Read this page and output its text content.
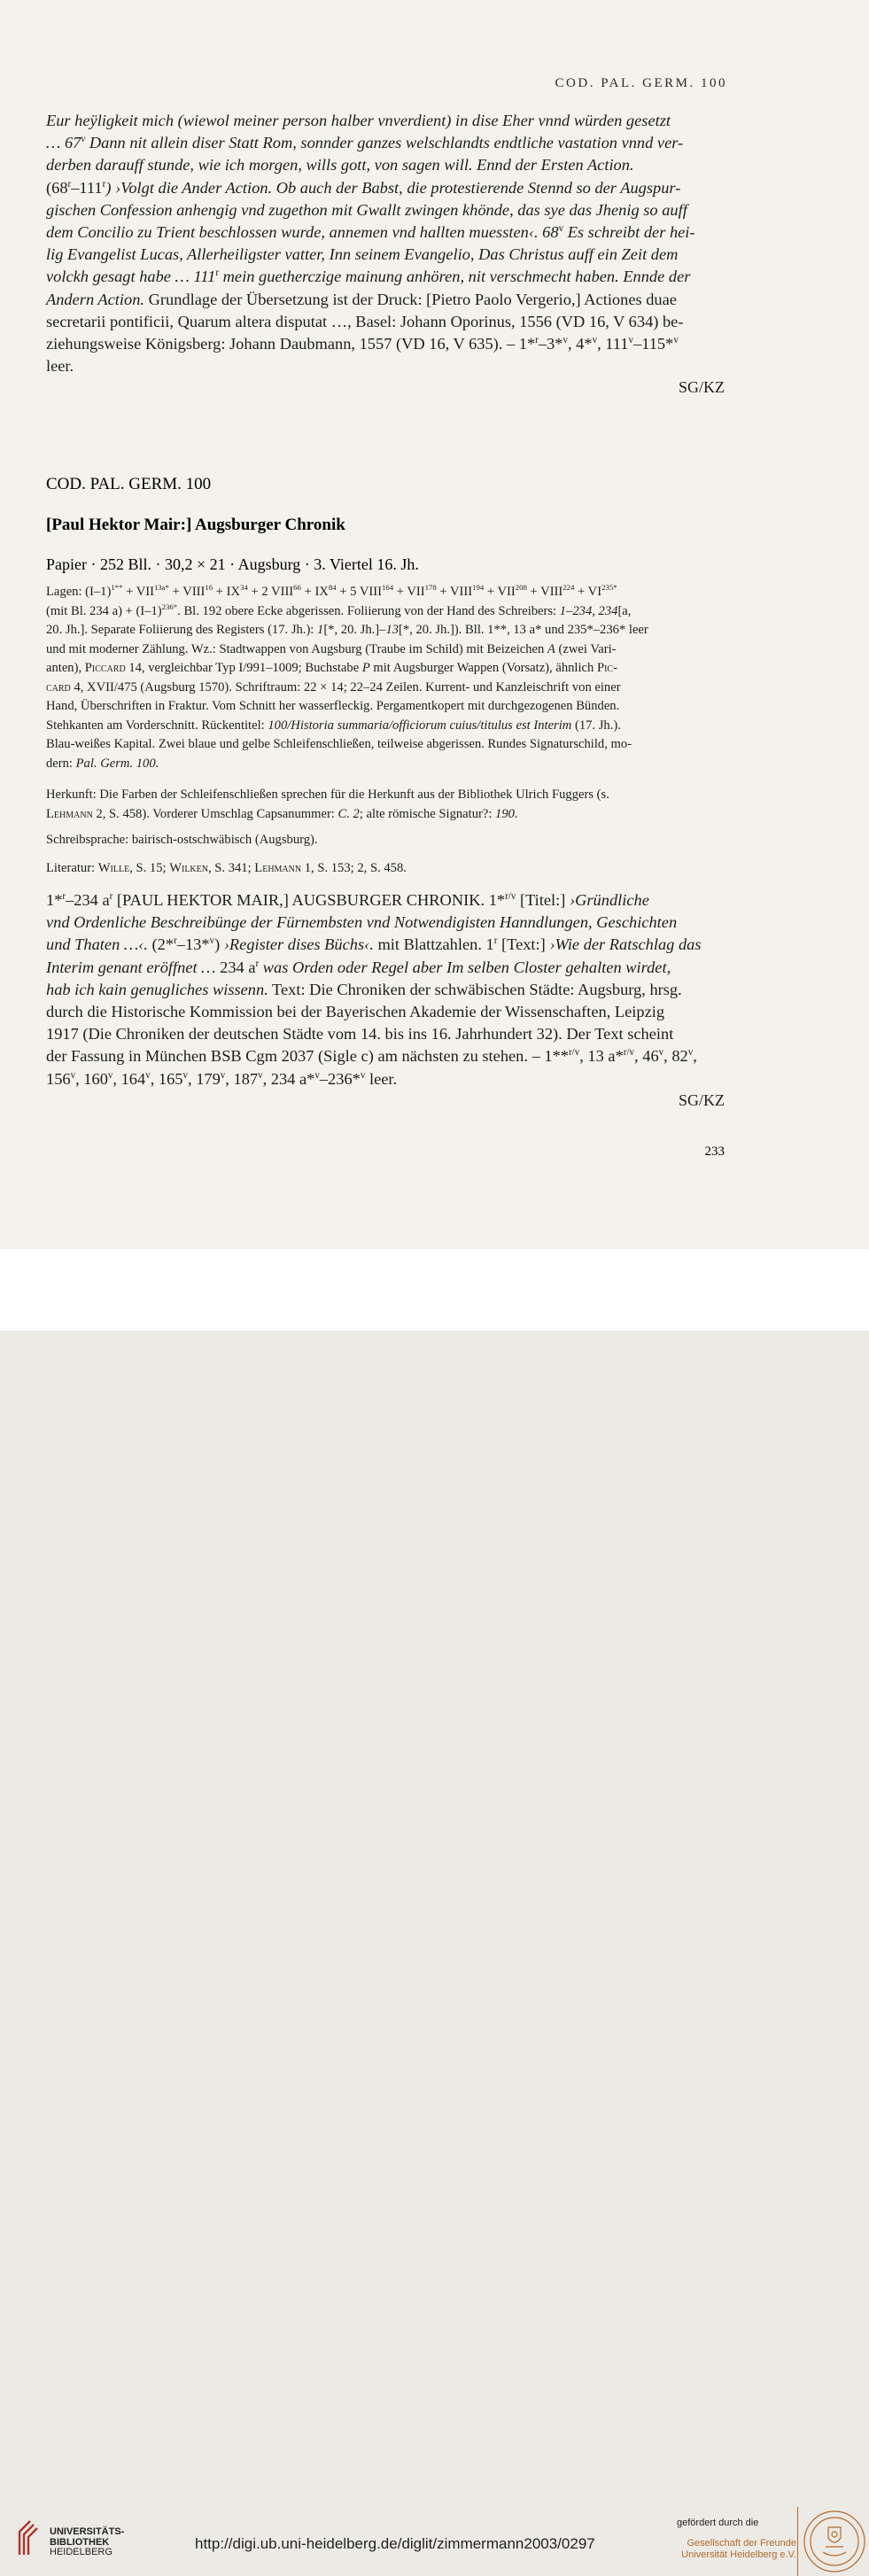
COD. PAL. GERM. 100
Eur heÿligkeit mich (wiewol meiner person halber vnverdient) in dise Eher vnnd würden gesetzt
… 67$^v$ Dann nit allein diser Statt Rom, sonnder ganzes welschlandts endtliche vastation vnnd ver-
derben darauff stunde, wie ich morgen, wills gott, von sagen will. Ennd der Ersten Action.
(68$^r$–111$^r$) ›Volgt die Ander Action. Ob auch der Babst, die protestierende Stennd so der Augspur-
gischen Confession anhengig vnd zugethon mit Gwallt zwingen khönde, das sye das Jhenig so auff
dem Concilio zu Trient beschlossen wurde, annemen vnd hallten muessten‹. 68$^v$ Es schreibt der hei-
lig Evangelist Lucas, Allerheiligster vatter, Inn seinem Evangelio, Das Christus auff ein Zeit dem
volckh gesagt habe … 111$^r$ mein guetherczige mainung anhören, nit verschmecht haben. Ennde der
Andern Action. Grundlage der Übersetzung ist der Druck: [Pietro Paolo Vergerio,] Actiones duae
secretarii pontificii, Quarum altera disputat …, Basel: Johann Oporinus, 1556 (VD 16, V 634) be-
ziehungsweise Königsberg: Johann Daubmann, 1557 (VD 16, V 635). – 1*$^r$–3*$^v$, 4*$^v$, 111$^v$–115*$^v$
leer.
SG/KZ
COD. PAL. GERM. 100
[Paul Hektor Mair:] Augsburger Chronik
Papier · 252 Bll. · 30,2 × 21 · Augsburg · 3. Viertel 16. Jh.
Lagen: $(I-1)^{1**} + VII^{13a*}$ + $VIII^{16} + IX^{34} + 2$ $VIII^{66} + IX^{84} + 5$ $VIII^{164} + VII^{178}$ + $VIII^{194} + VII^{208}$ + $VIII^{224} + VI^{235*}$
(mit Bl. 234 $a) + (I-1)^{236*}$. Bl. 192 obere Ecke abgerissen. Foliierung von der Hand des Schreibers: 1–234, 234[a,
20. Jh.]. Separate Foliierung des Registers (17. Jh.): 1[*, 20. Jh.]–13[*, 20. Jh.]). Bll. 1**, 13 a* und 235*–236* leer
und mit moderner Zählung. Wz.: Stadtwappen von Augsburg (Traube im Schild) mit Beizeichen A (zwei Vari-
anten), Piccard 14, vergleichbar Typ I/991–1009; Buchstabe P mit Augsburger Wappen (Vorsatz), ähnlich Pic-
card 4, XVII/475 (Augsburg 1570). Schriftraum: 22 × 14; 22–24 Zeilen. Kurrent- und Kanzleischrift von einer
Hand, Überschriften in Fraktur. Vom Schnitt her wasserfleckig. Pergamentkopert mit durchgezogenen Bünden.
Stehkanten am Vorderschnitt. Rückentitel: 100/Historia summaria/officiorum cuius/titulus est Interim (17. Jh.).
Blau-weißes Kapital. Zwei blaue und gelbe Schleifenschließen, teilweise abgerissen. Rundes Signaturschild, mo-
dern: Pal. Germ. 100.
Herkunft: Die Farben der Schleifenschließen sprechen für die Herkunft aus der Bibliothek Ulrich Fuggers (s.
Lehmann 2, S. 458). Vorderer Umschlag Capsanummer: C. 2; alte römische Signatur?: 190.
Schreibsprache: bairisch-ostschwäbisch (Augsburg).
Literatur: Wille, S. 15; Wilken, S. 341; Lehmann 1, S. 153; 2, S. 458.
1*$^r$–234 $a^r$ [PAUL HEKTOR MAIR,] AUGSBURGER CHRONIK. 1*$^{r/v}$ [Titel:] ›Gründliche
vnd Ordenliche Beschreibünge der Fürnembsten vnd Notwendigisten Hanndlungen, Geschichten
und Thaten …‹. (2*$^r$–13*$^v$) ›Register dises Büchs‹. mit Blattzahlen. 1$^r$ [Text:] ›Wie der Ratschlag das
Interim genant eröffnet … 234 $a^r$ was Orden oder Regel aber Im selben Closter gehalten wirdet,
hab ich kain genugliches wissenn. Text: Die Chroniken der schwäbischen Städte: Augsburg, hrsg.
durch die Historische Kommission bei der Bayerischen Akademie der Wissenschaften, Leipzig
1917 (Die Chroniken der deutschen Städte vom 14. bis ins 16. Jahrhundert 32). Der Text scheint
der Fassung in München BSB Cgm 2037 (Sigle c) am nächsten zu stehen. – 1**$^{r/v}$, 13 a*$^{r/v}$, 46$^v$, 82$^v$,
156$^v$, 160$^v$, 164$^v$, 165$^v$, 179$^v$, 187$^v$, 234 a*$^v$–236*$^v$ leer.
SG/KZ
233
UNIVERSITÄTS-
BIBLIOTHEK
HEIDELBERG	http://digi.ub.uni-heidelberg.de/diglit/zimmermann2003/0297
gefördert durch die
Gesellschaft der Freunde
Universität Heidelberg e.V.
